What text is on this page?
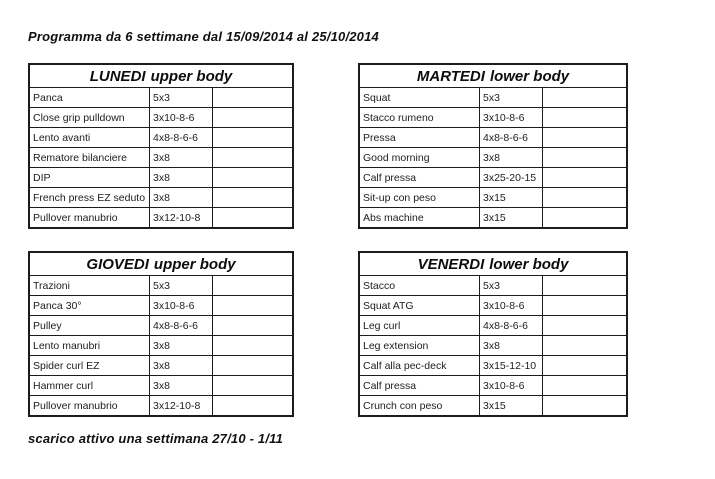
Programma da 6 settimane dal 15/09/2014 al 25/10/2014
LUNEDI upper body
Panca	5x3
Close grip pulldown	3x10-8-6
Lento avanti	4x8-8-6-6
Rematore bilanciere	3x8
DIP	3x8
French press EZ seduto 3x8
Pullover manubrio	3x12-10-8
MARTEDI lower body
Squat	5x3
Stacco rumeno	3x10-8-6
Pressa	4x8-8-6-6
Good morning	3x8
Calf pressa	3x25-20-15
Sit-up con peso	3x15
Abs machine	3x15
GIOVEDI upper body
Trazioni	5x3
Panca 30°	3x10-8-6
Pulley	4x8-8-6-6
Lento manubri	3x8
Spider curl EZ	3x8
Hammer curl	3x8
Pullover manubrio	3x12-10-8
VENERDI lower body
Stacco	5x3
Squat ATG	3x10-8-6
Leg curl	4x8-8-6-6
Leg extension	3x8
Calf alla pec-deck	3x15-12-10
Calf pressa	3x10-8-6
Crunch con peso	3x15
scarico attivo una settimana 27/10 - 1/11
